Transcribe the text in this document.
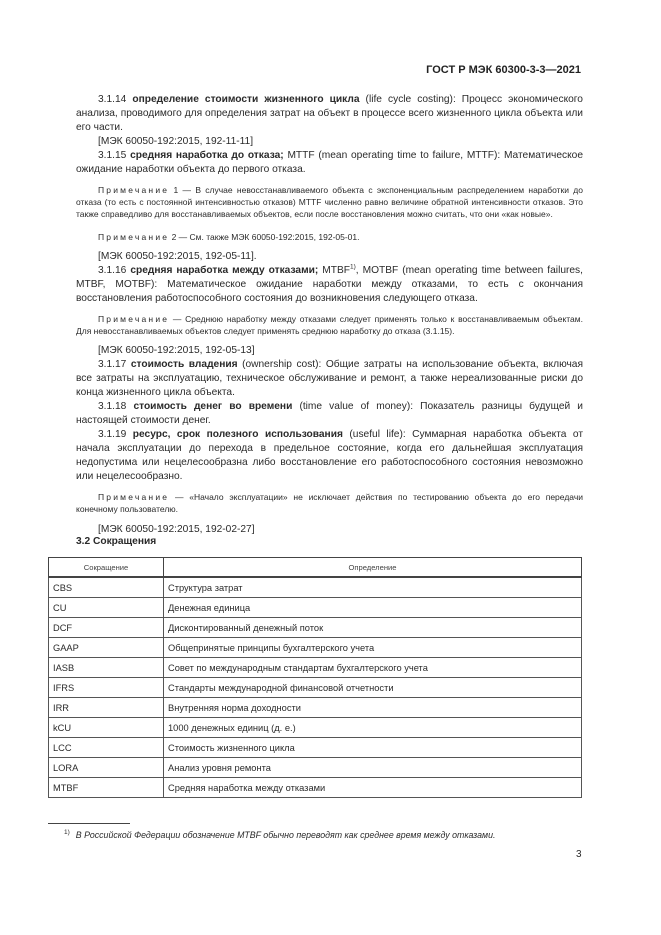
ГОСТ Р МЭК 60300-3-3—2021

3.1.14 определение стоимости жизненного цикла (life cycle costing): Процесс экономического анализа, проводимого для определения затрат на объект в процессе всего жизненного цикла объекта или его части.

[МЭК 60050-192:2015, 192-11-11]

3.1.15 средняя наработка до отказа; MTTF (mean operating time to failure, MTTF): Математическое ожидание наработки объекта до первого отказа.

Примечание 1 — В случае невосстанавливаемого объекта с экспоненциальным распределением наработки до отказа (то есть с постоянной интенсивностью отказов) MTTF численно равно величине обратной интенсивности отказов. Это также справедливо для восстанавливаемых объектов, если после восстановления можно считать, что они «как новые».

Примечание 2 — См. также МЭК 60050-192:2015, 192-05-01.

[МЭК 60050-192:2015, 192-05-11].

3.1.16 средняя наработка между отказами; MTBF$^{1)}$, MOTBF (mean operating time between failures, MTBF, MOTBF): Математическое ожидание наработки между отказами, то есть с окончания восстановления работоспособного состояния до возникновения следующего отказа.

Примечание — Среднюю наработку между отказами следует применять только к восстанавливаемым объектам. Для невосстанавливаемых объектов следует применять среднюю наработку до отказа (3.1.15).

[МЭК 60050-192:2015, 192-05-13]

3.1.17 стоимость владения (ownership cost): Общие затраты на использование объекта, включая все затраты на эксплуатацию, техническое обслуживание и ремонт, а также нереализованные риски до конца жизненного цикла объекта.

3.1.18 стоимость денег во времени (time value of money): Показатель разницы будущей и настоящей стоимости денег.

3.1.19 ресурс, срок полезного использования (useful life): Суммарная наработка объекта от начала эксплуатации до перехода в предельное состояние, когда его дальнейшая эксплуатация недопустима или нецелесообразна либо восстановление его работоспособного состояния невозможно или нецелесообразно.

Примечание — «Начало эксплуатации» не исключает действия по тестированию объекта до его передачи конечному пользователю.

[МЭК 60050-192:2015, 192-02-27]

3.2 Сокращения
Сокращение	Определение
CBS	Структура затрат
CU	Денежная единица
DCF	Дисконтированный денежный поток
GAAP	Общепринятые принципы бухгалтерского учета
IASB	Совет по международным стандартам бухгалтерского учета
IFRS	Стандарты международной финансовой отчетности
IRR	Внутренняя норма доходности
kCU	1000 денежных единиц (д. е.)
LCC	Стоимость жизненного цикла
LORA	Анализ уровня ремонта
MTBF	Средняя наработка между отказами
$^{1)}$ В Российской Федерации обозначение MTBF обычно переводят как среднее время между отказами.
3
